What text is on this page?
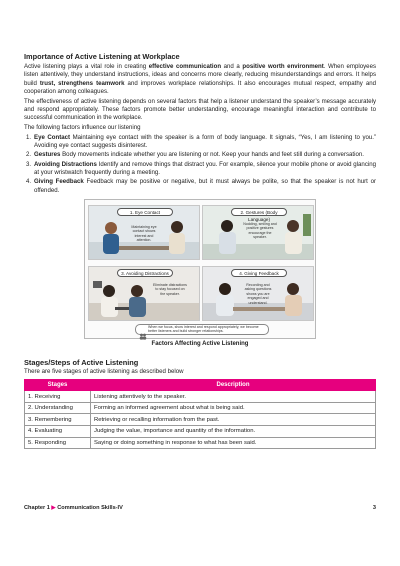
Importance of Active Listening at Workplace
Active listening plays a vital role in creating effective communication and a positive worth environment. When employees listen attentively, they understand instructions, ideas and concerns more clearly, reducing misunderstandings and errors. It helps build trust, strengthens teamwork and improves workplace relationships. It also encourages mutual respect, empathy and cooperation among colleagues.
The effectiveness of active listening depends on several factors that help a listener understand the speaker’s message accurately and respond appropriately. These factors promote better understanding, encourage meaningful interaction and contribute to successful communication in the workplace.
The following factors influence our listening
1. Eye Contact Maintaining eye contact with the speaker is a form of body language. It signals, “Yes, I am listening to you.” Avoiding eye contact suggests disinterest.
2. Gestures Body movements indicate whether you are listening or not. Keep your hands and feet still during a conversation.
3. Avoiding Distractions Identify and remove things that distract you. For example, silence your mobile phone or avoid glancing at your wristwatch frequently during a meeting.
4. Giving Feedback Feedback may be positive or negative, but it must always be polite, so that the speaker is not hurt or offended.
1. Eye Contact
Maintaining eye contact shows interest and attention.
2. Gestures (Body Language)
Nodding, smiling and positive gestures encourage the speaker.
3. Avoiding Distractions
Eliminate distractions to stay focused on the speaker.
4. Giving Feedback
Recording and asking questions shows you are engaged and understand.
When we focus, show interest and respond appropriately, we become better listeners and build stronger relationships.
Factors Affecting Active Listening
Stages/Steps of Active Listening
There are five stages of active listening as described below
Stages	Description
1. Receiving	Listening attentively to the speaker.
2. Understanding	Forming an informed agreement about what is being said.
3. Remembering	Retrieving or recalling information from the past.
4. Evaluating	Judging the value, importance and quantity of the information.
5. Responding	Saying or doing something in response to what has been said.
Chapter 1 ▶ Communication Skills-IV	3
